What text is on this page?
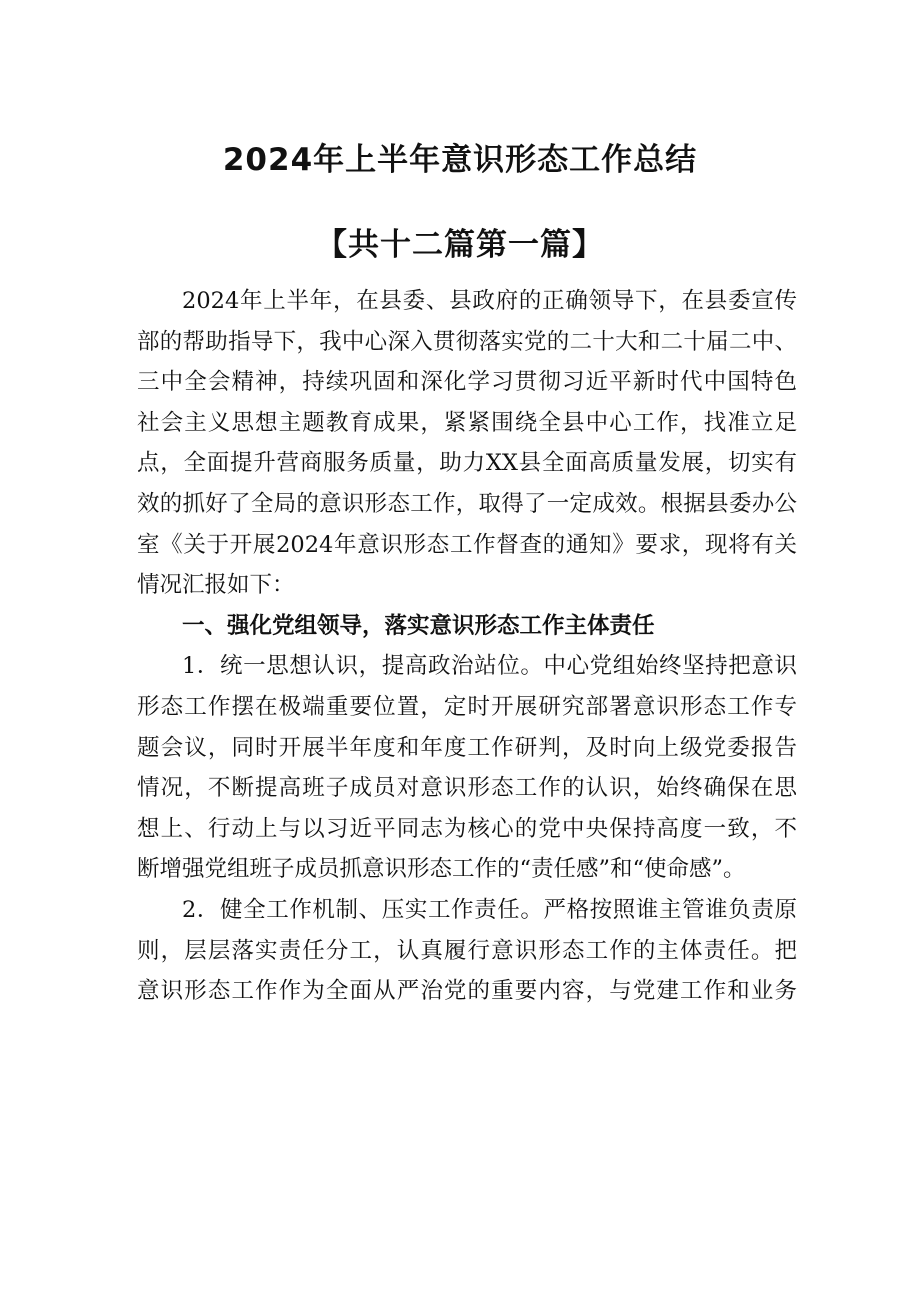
2024年上半年意识形态工作总结
【共十二篇第一篇】
2024年上半年，在县委、县政府的正确领导下，在县委宣传
部的帮助指导下，我中心深入贯彻落实党的二十大和二十届二中、
三中全会精神，持续巩固和深化学习贯彻习近平新时代中国特色
社会主义思想主题教育成果，紧紧围绕全县中心工作，找准立足
点，全面提升营商服务质量，助力XX县全面高质量发展，切实有
效的抓好了全局的意识形态工作，取得了一定成效。根据县委办公
室《关于开展2024年意识形态工作督查的通知》要求，现将有关
情况汇报如下：
一、强化党组领导，落实意识形态工作主体责任
1．统一思想认识，提高政治站位。中心党组始终坚持把意识
形态工作摆在极端重要位置，定时开展研究部署意识形态工作专
题会议，同时开展半年度和年度工作研判，及时向上级党委报告
情况，不断提高班子成员对意识形态工作的认识，始终确保在思
想上、行动上与以习近平同志为核心的党中央保持高度一致，不
断增强党组班子成员抓意识形态工作的“责任感”和“使命感”。
2．健全工作机制、压实工作责任。严格按照谁主管谁负责原
则，层层落实责任分工，认真履行意识形态工作的主体责任。把
意识形态工作作为全面从严治党的重要内容，与党建工作和业务
